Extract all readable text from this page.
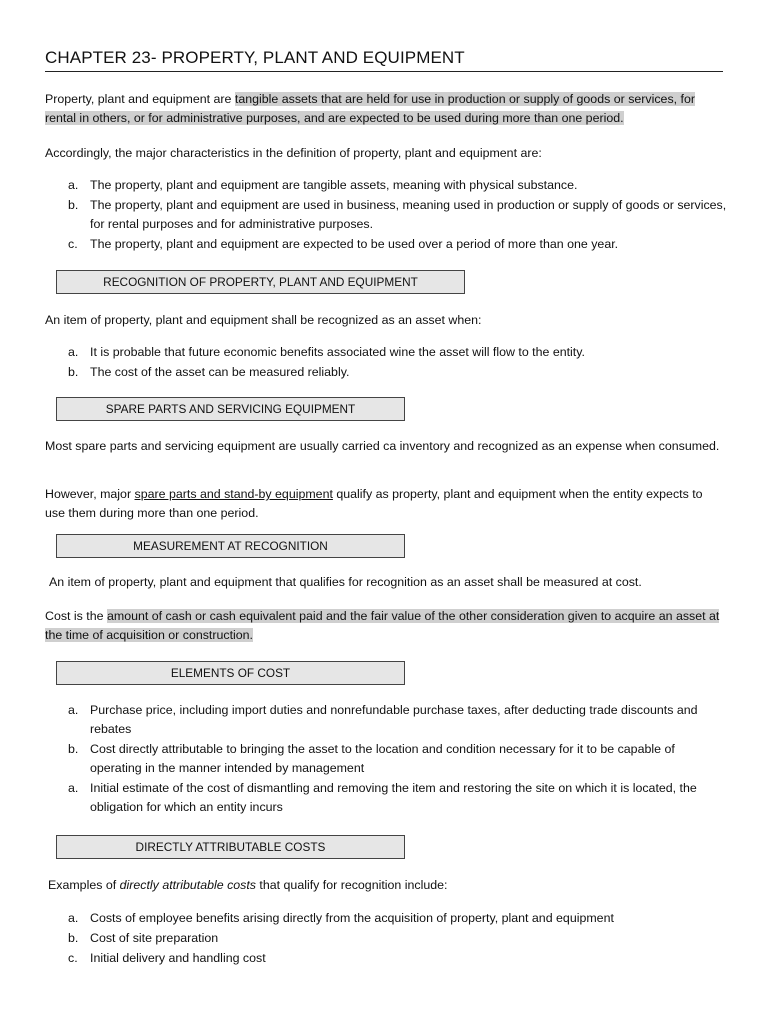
CHAPTER 23- PROPERTY, PLANT AND EQUIPMENT
Property, plant and equipment are tangible assets that are held for use in production or supply of goods or services, for rental in others, or for administrative purposes, and are expected to be used during more than one period.
Accordingly, the major characteristics in the definition of property, plant and equipment are:
a. The property, plant and equipment are tangible assets, meaning with physical substance.
b. The property, plant and equipment are used in business, meaning used in production or supply of goods or services, for rental purposes and for administrative purposes.
c. The property, plant and equipment are expected to be used over a period of more than one year.
RECOGNITION OF PROPERTY, PLANT AND EQUIPMENT
An item of property, plant and equipment shall be recognized as an asset when:
a. It is probable that future economic benefits associated wine the asset will flow to the entity.
b. The cost of the asset can be measured reliably.
SPARE PARTS AND SERVICING EQUIPMENT
Most spare parts and servicing equipment are usually carried ca inventory and recognized as an expense when consumed.
However, major spare parts and stand-by equipment qualify as property, plant and equipment when the entity expects to use them during more than one period.
MEASUREMENT AT RECOGNITION
An item of property, plant and equipment that qualifies for recognition as an asset shall be measured at cost.
Cost is the amount of cash or cash equivalent paid and the fair value of the other consideration given to acquire an asset at the time of acquisition or construction.
ELEMENTS OF COST
a. Purchase price, including import duties and nonrefundable purchase taxes, after deducting trade discounts and rebates
b. Cost directly attributable to bringing the asset to the location and condition necessary for it to be capable of operating in the manner intended by management
a. Initial estimate of the cost of dismantling and removing the item and restoring the site on which it is located, the obligation for which an entity incurs
DIRECTLY ATTRIBUTABLE COSTS
Examples of directly attributable costs that qualify for recognition include:
a. Costs of employee benefits arising directly from the acquisition of property, plant and equipment
b. Cost of site preparation
c. Initial delivery and handling cost
